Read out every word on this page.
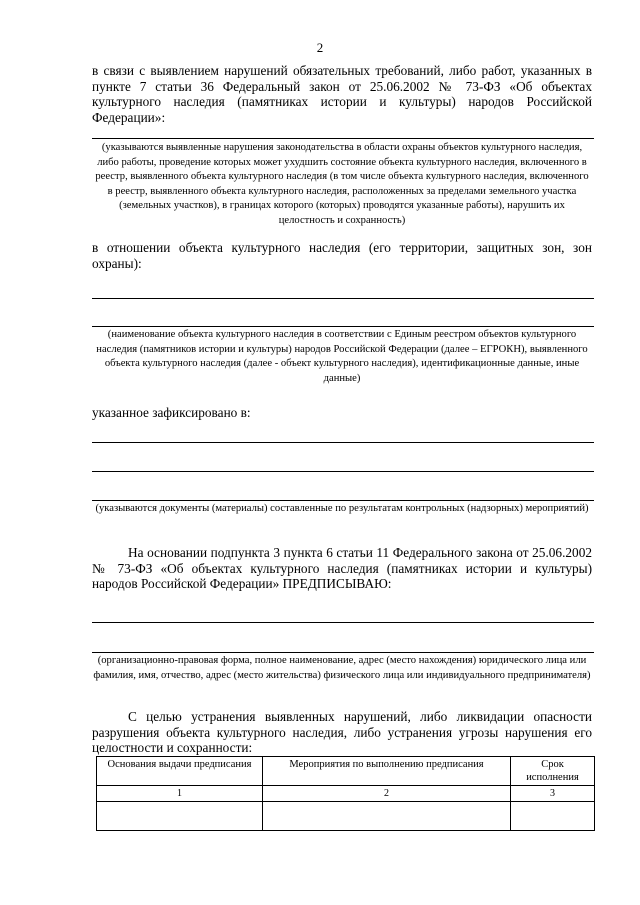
2
в связи с выявлением нарушений обязательных требований, либо работ, указанных в пункте 7 статьи 36 Федеральный закон от 25.06.2002 № 73-ФЗ «Об объектах культурного наследия (памятниках истории и культуры) народов Российской Федерации»:
(указываются выявленные нарушения законодательства в области охраны объектов культурного наследия, либо работы, проведение которых может ухудшить состояние объекта культурного наследия, включенного в реестр, выявленного объекта культурного наследия (в том числе объекта культурного наследия, включенного в реестр, выявленного объекта культурного наследия, расположенных за пределами земельного участка (земельных участков), в границах которого (которых) проводятся указанные работы), нарушить их целостность и сохранность)
в отношении объекта культурного наследия (его территории, защитных зон, зон охраны):
(наименование объекта культурного наследия в соответствии с Единым реестром объектов культурного наследия (памятников истории и культуры) народов Российской Федерации (далее – ЕГРОКН), выявленного объекта культурного наследия (далее - объект культурного наследия), идентификационные данные, иные данные)
указанное зафиксировано в:
(указываются документы (материалы) составленные по результатам контрольных (надзорных) мероприятий)
На основании подпункта 3 пункта 6 статьи 11 Федерального закона от 25.06.2002 № 73-ФЗ «Об объектах культурного наследия (памятниках истории и культуры) народов Российской Федерации» ПРЕДПИСЫВАЮ:
(организационно-правовая форма, полное наименование, адрес (место нахождения) юридического лица или фамилия, имя, отчество, адрес (место жительства) физического лица или индивидуального предпринимателя)
С целью устранения выявленных нарушений, либо ликвидации опасности разрушения объекта культурного наследия, либо устранения угрозы нарушения его целостности и сохранности:
Основания выдачи предписания	Мероприятия по выполнению предписания	Срок исполнения
1	2	3
